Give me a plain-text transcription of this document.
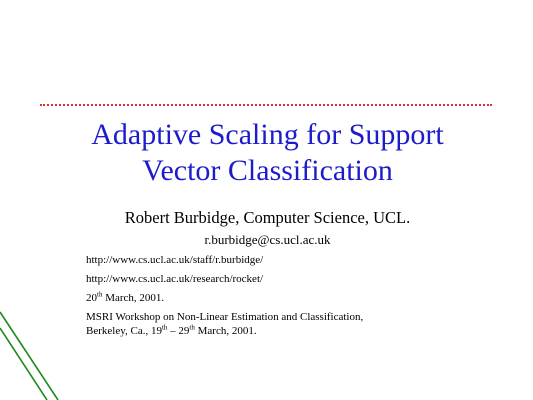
Adaptive Scaling for Support
Vector Classification
Robert Burbidge, Computer Science, UCL.
r.burbidge@cs.ucl.ac.uk
http://www.cs.ucl.ac.uk/staff/r.burbidge/
http://www.cs.ucl.ac.uk/research/rocket/
20th March, 2001.
MSRI Workshop on Non-Linear Estimation and Classification,
Berkeley, Ca., 19th – 29th March, 2001.
